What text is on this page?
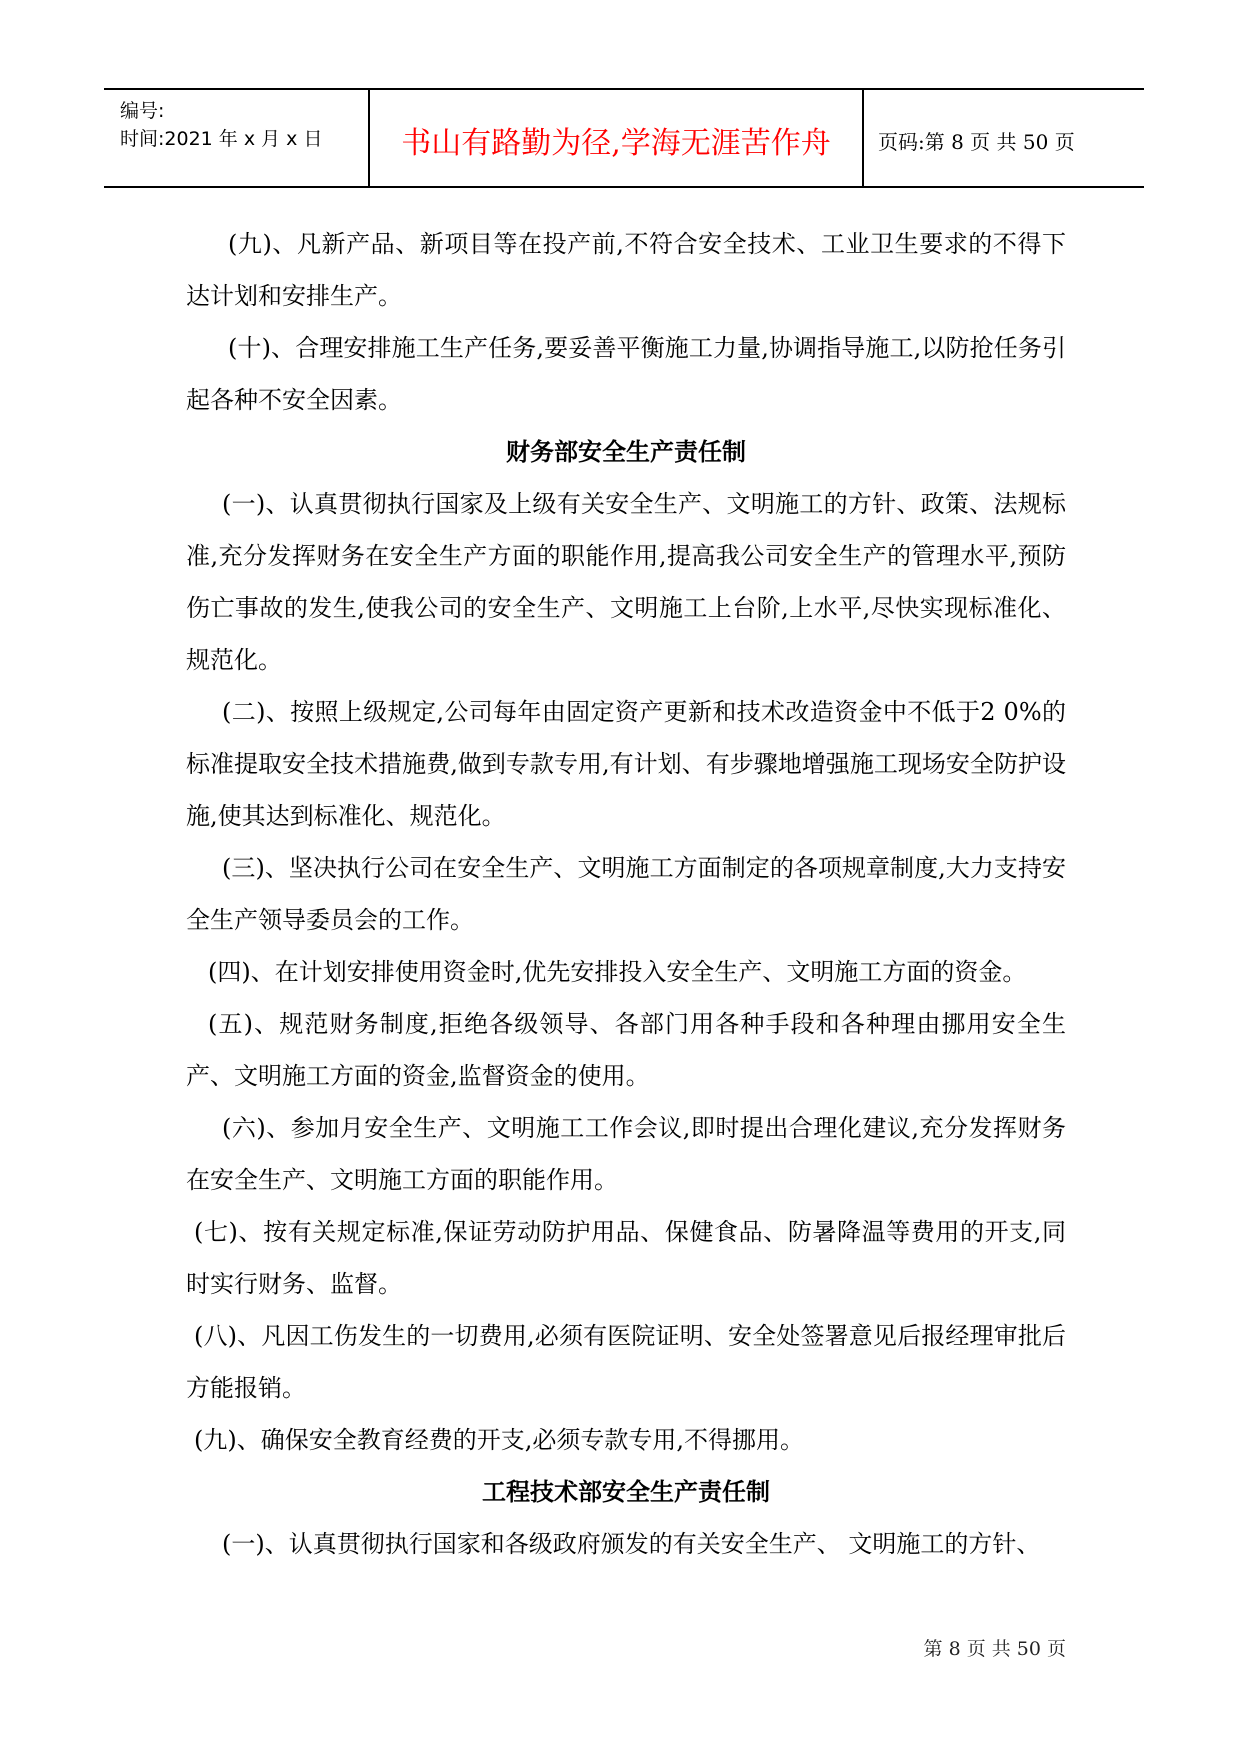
编号:
时间:2021 年 x 月 x 日	书山有路勤为径,学海无涯苦作舟	页码:第 8 页 共 50 页

(九)、凡新产品、新项目等在投产前,不符合安全技术、工业卫生要求的不得下达计划和安排生产。

(十)、合理安排施工生产任务,要妥善平衡施工力量,协调指导施工,以防抢任务引起各种不安全因素。

财务部安全生产责任制

(一)、认真贯彻执行国家及上级有关安全生产、文明施工的方针、政策、法规标准,充分发挥财务在安全生产方面的职能作用,提高我公司安全生产的管理水平,预防伤亡事故的发生,使我公司的安全生产、文明施工上台阶,上水平,尽快实现标准化、规范化。

(二)、按照上级规定,公司每年由固定资产更新和技术改造资金中不低于2 0%的标准提取安全技术措施费,做到专款专用,有计划、有步骤地增强施工现场安全防护设施,使其达到标准化、规范化。

(三)、坚决执行公司在安全生产、文明施工方面制定的各项规章制度,大力支持安全生产领导委员会的工作。

(四)、在计划安排使用资金时,优先安排投入安全生产、文明施工方面的资金。

(五)、规范财务制度,拒绝各级领导、各部门用各种手段和各种理由挪用安全生产、文明施工方面的资金,监督资金的使用。

(六)、参加月安全生产、文明施工工作会议,即时提出合理化建议,充分发挥财务在安全生产、文明施工方面的职能作用。

(七)、按有关规定标准,保证劳动防护用品、保健食品、防暑降温等费用的开支,同时实行财务、监督。

(八)、凡因工伤发生的一切费用,必须有医院证明、安全处签署意见后报经理审批后方能报销。

(九)、确保安全教育经费的开支,必须专款专用,不得挪用。

工程技术部安全生产责任制

(一)、认真贯彻执行国家和各级政府颁发的有关安全生产、 文明施工的方针、

第 8 页 共 50 页
